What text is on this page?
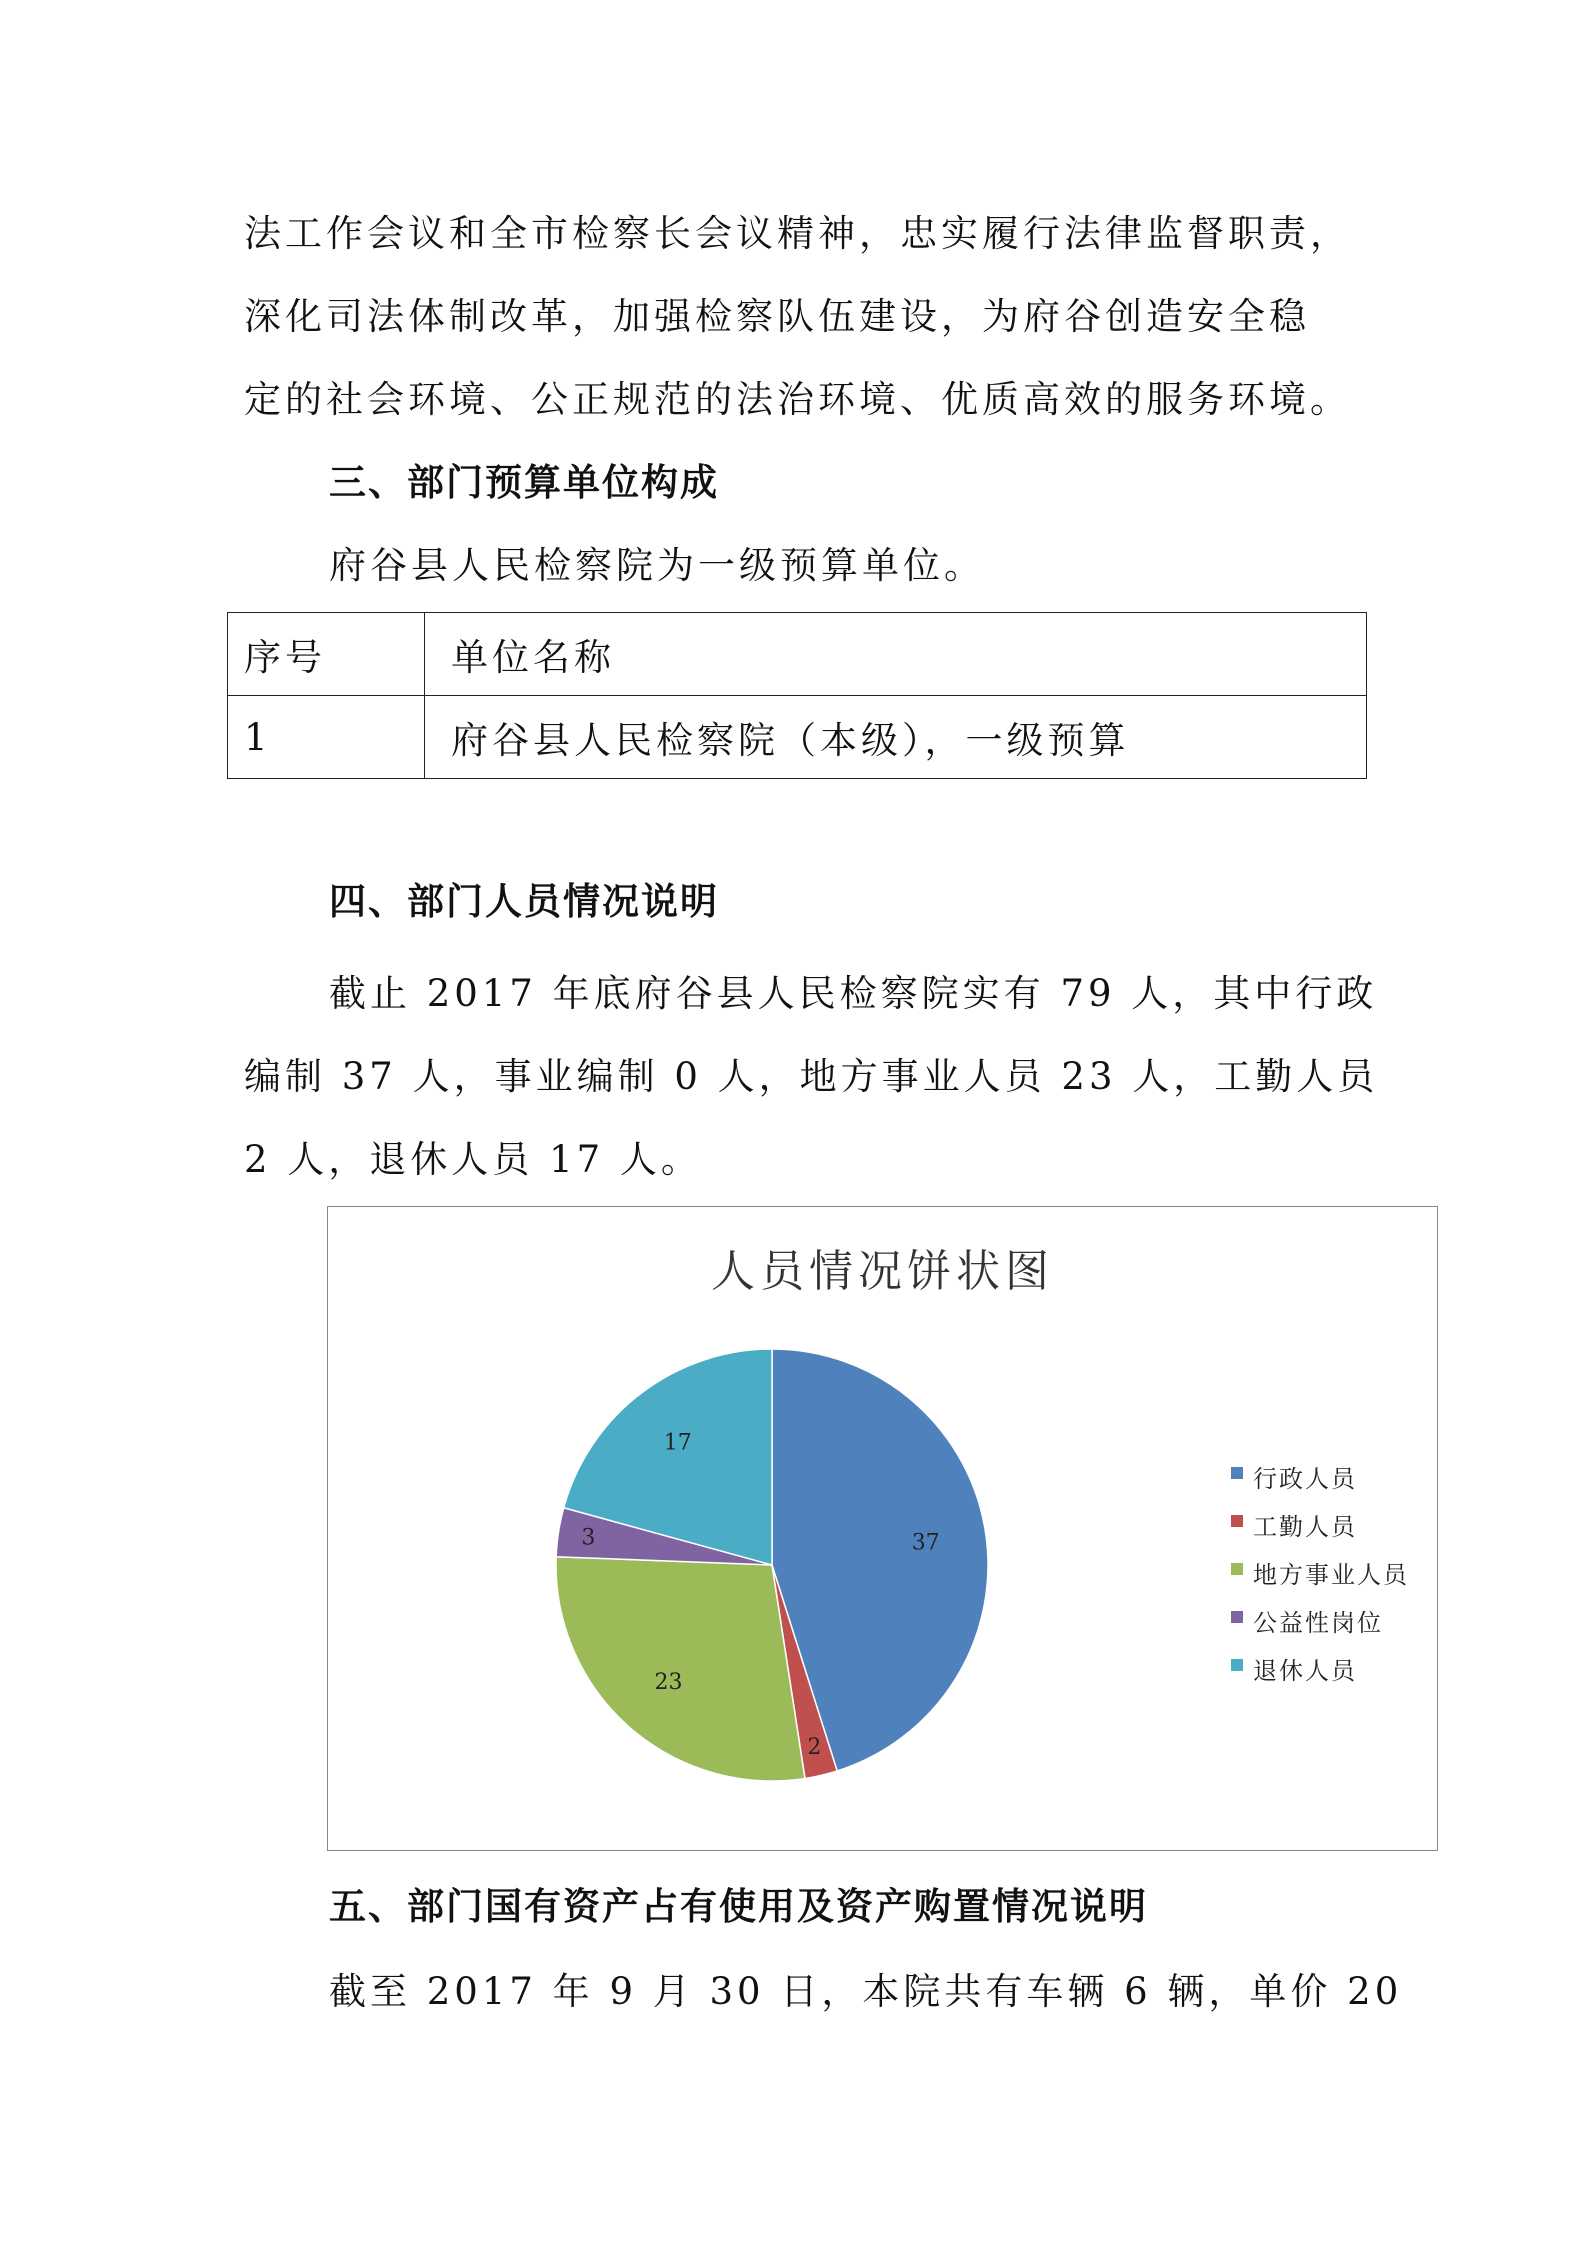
法工作会议和全市检察长会议精神，忠实履行法律监督职责，
深化司法体制改革，加强检察队伍建设，为府谷创造安全稳
定的社会环境、公正规范的法治环境、优质高效的服务环境。
三、部门预算单位构成
府谷县人民检察院为一级预算单位。
序号	单位名称
1	府谷县人民检察院（本级），一级预算
四、部门人员情况说明
截止 2017 年底府谷县人民检察院实有 79 人，其中行政
编制 37 人，事业编制 0 人，地方事业人员 23 人，工勤人员
2 人，退休人员 17 人。
人员情况饼状图
37
2
23
3
17
行政人员
工勤人员
地方事业人员
公益性岗位
退休人员
五、部门国有资产占有使用及资产购置情况说明
截至 2017 年 9 月 30 日，本院共有车辆 6 辆，单价 20
